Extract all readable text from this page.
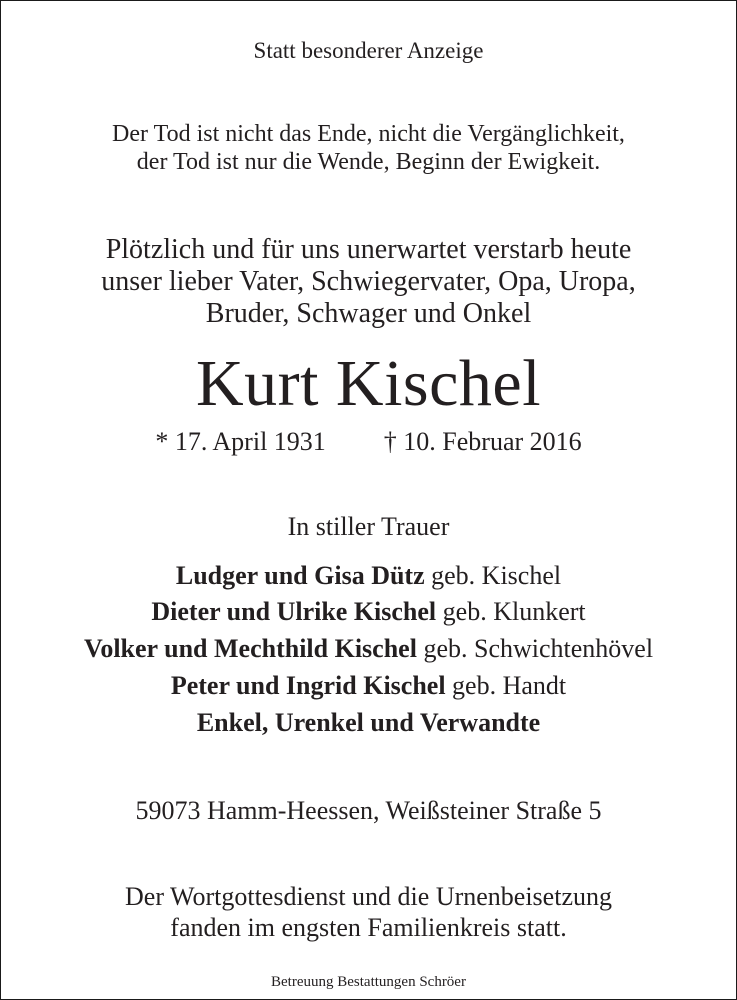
Statt besonderer Anzeige
Der Tod ist nicht das Ende, nicht die Vergänglichkeit,
der Tod ist nur die Wende, Beginn der Ewigkeit.
Plötzlich und für uns unerwartet verstarb heute
unser lieber Vater, Schwiegervater, Opa, Uropa,
Bruder, Schwager und Onkel
Kurt Kischel
* 17. April 1931 † 10. Februar 2016
In stiller Trauer
Ludger und Gisa Dütz geb. Kischel
Dieter und Ulrike Kischel geb. Klunkert
Volker und Mechthild Kischel geb. Schwichtenhövel
Peter und Ingrid Kischel geb. Handt
Enkel, Urenkel und Verwandte
59073 Hamm-Heessen, Weißsteiner Straße 5
Der Wortgottesdienst und die Urnenbeisetzung
fanden im engsten Familienkreis statt.
Betreuung Bestattungen Schröer
